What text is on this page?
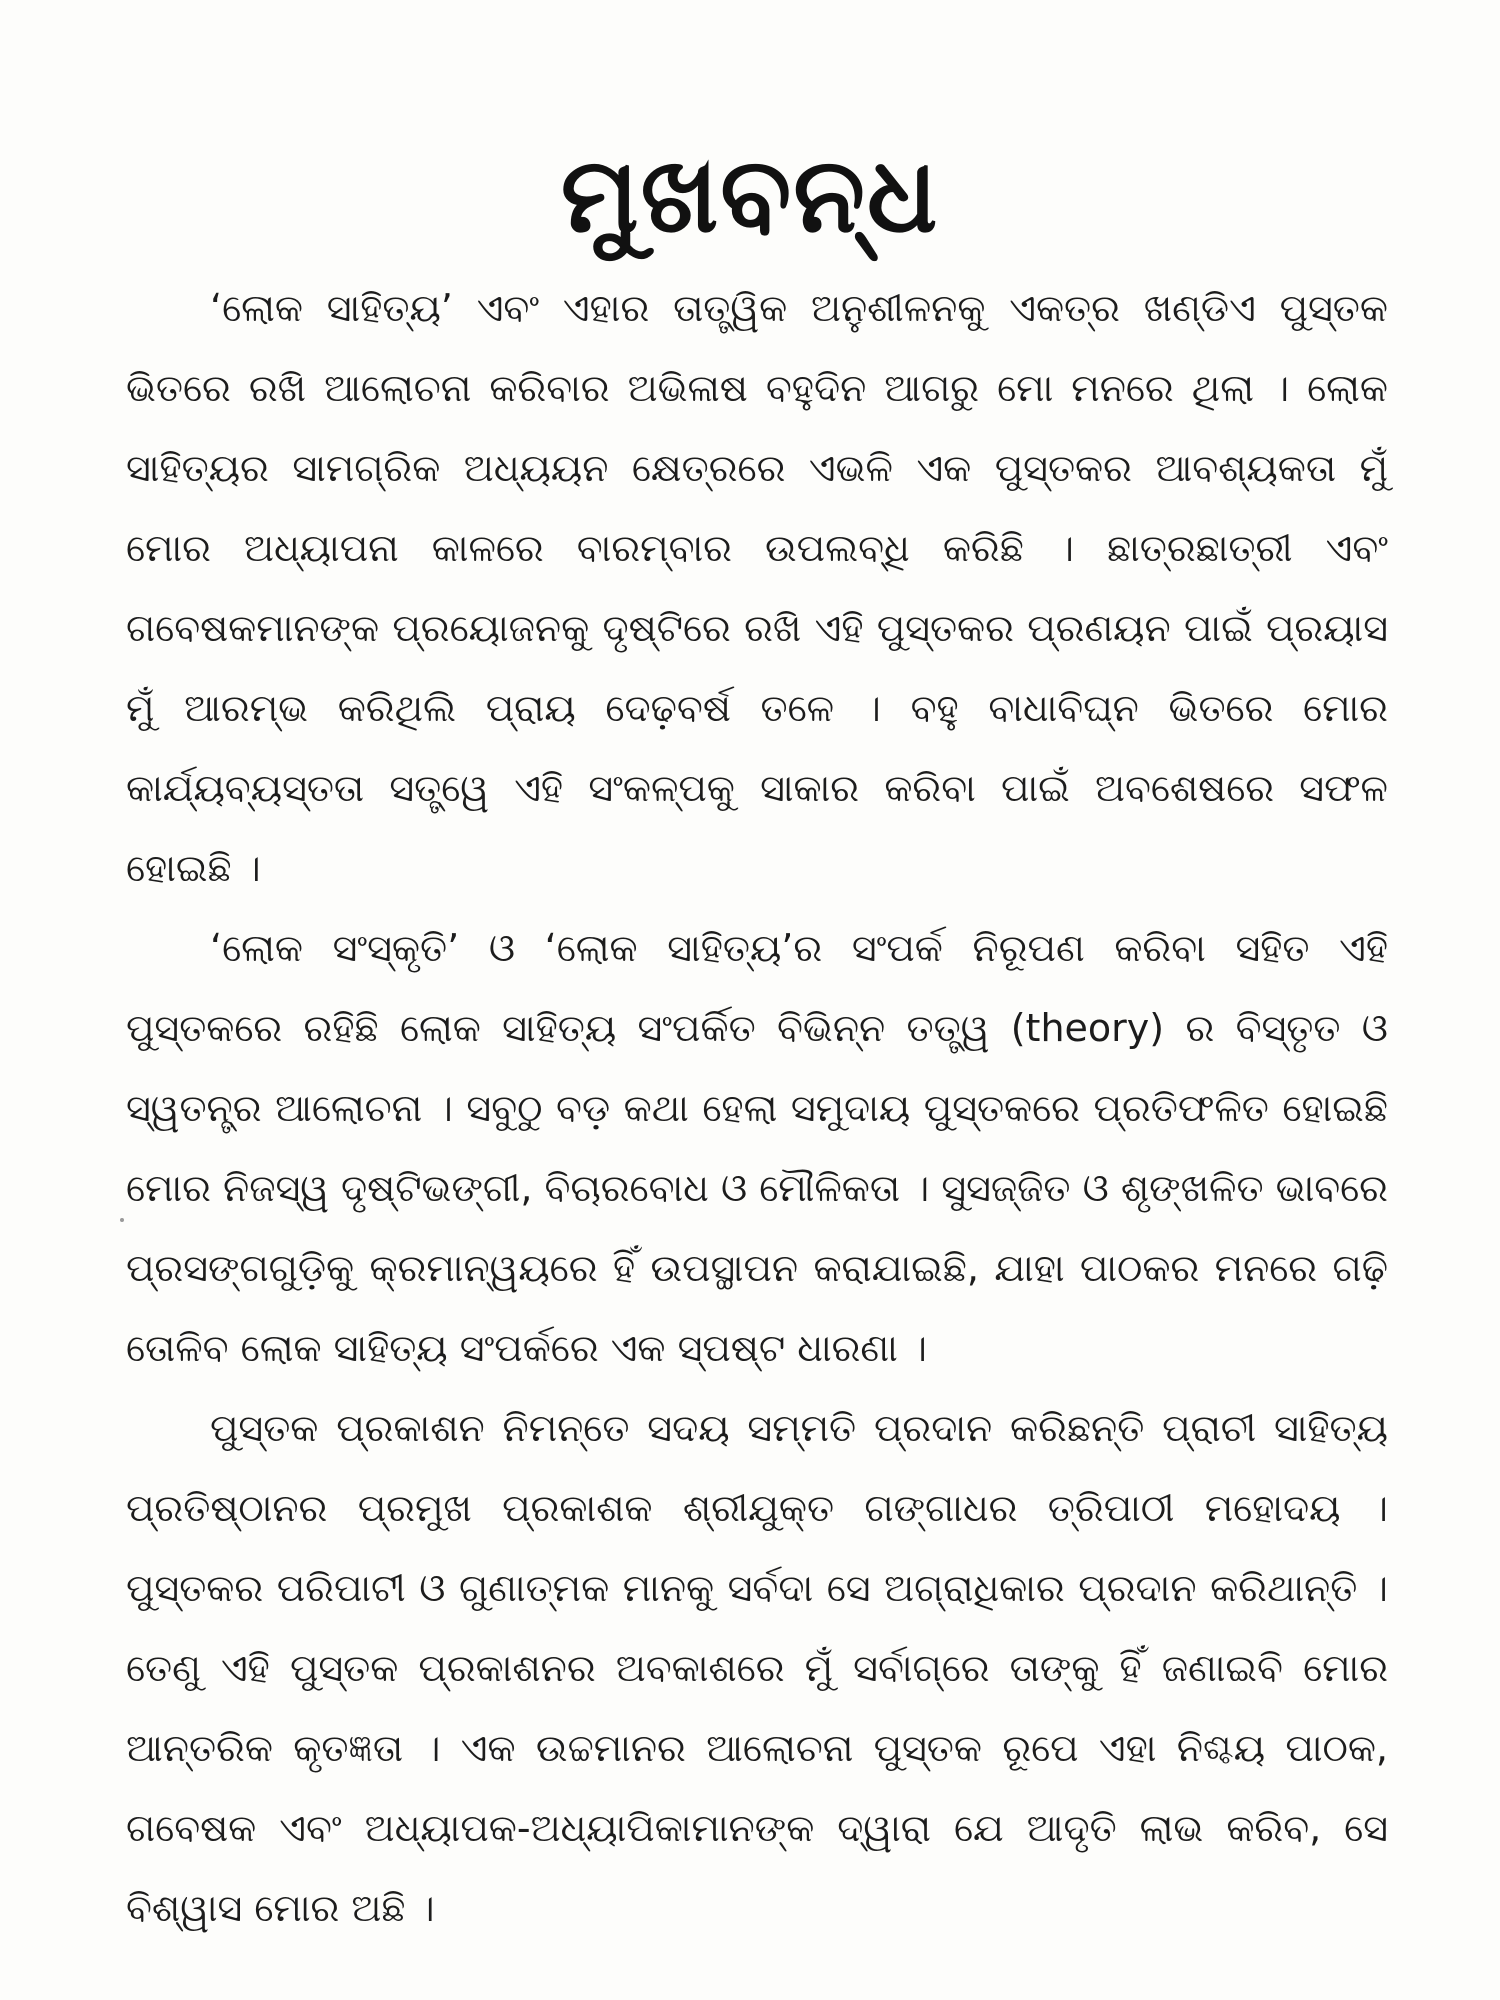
ମୁଖବନ୍ଧ

‘ଲୋକ ସାହିତ୍ୟ’ ଏବଂ ଏହାର ତାତ୍ତ୍ୱିକ ଅନୁଶୀଳନକୁ ଏକତ୍ର ଖଣ୍ଡିଏ ପୁସ୍ତକ ଭିତରେ ରଖି ଆଲୋଚନା କରିବାର ଅଭିଳାଷ ବହୁଦିନ ଆଗରୁ ମୋ ମନରେ ଥିଲା । ଲୋକ ସାହିତ୍ୟର ସାମଗ୍ରିକ ଅଧ୍ୟୟନ କ୍ଷେତ୍ରରେ ଏଭଳି ଏକ ପୁସ୍ତକର ଆବଶ୍ୟକତା ମୁଁ ମୋର ଅଧ୍ୟାପନା କାଳରେ ବାରମ୍ବାର ଉପଲବ୍ଧି କରିଛି । ଛାତ୍ରଛାତ୍ରୀ ଏବଂ ଗବେଷକମାନଙ୍କ ପ୍ରୟୋଜନକୁ ଦୃଷ୍ଟିରେ ରଖି ଏହି ପୁସ୍ତକର ପ୍ରଣୟନ ପାଇଁ ପ୍ରୟାସ ମୁଁ ଆରମ୍ଭ କରିଥିଲି ପ୍ରାୟ ଦେଢ଼ବର୍ଷ ତଳେ । ବହୁ ବାଧାବିଘ୍ନ ଭିତରେ ମୋର କାର୍ଯ୍ୟବ୍ୟସ୍ତତା ସତ୍ତ୍ୱେ ଏହି ସଂକଳ୍ପକୁ ସାକାର କରିବା ପାଇଁ ଅବଶେଷରେ ସଫଳ ହୋଇଛି ।

‘ଲୋକ ସଂସ୍କୃତି’ ଓ ‘ଲୋକ ସାହିତ୍ୟ’ର ସଂପର୍କ ନିରୂପଣ କରିବା ସହିତ ଏହି ପୁସ୍ତକରେ ରହିଛି ଲୋକ ସାହିତ୍ୟ ସଂପର୍କିତ ବିଭିନ୍ନ ତତ୍ତ୍ୱ (theory) ର ବିସ୍ତୃତ ଓ ସ୍ୱତନ୍ତ୍ର ଆଲୋଚନା । ସବୁଠୁ ବଡ଼ କଥା ହେଲା ସମୁଦାୟ ପୁସ୍ତକରେ ପ୍ରତିଫଳିତ ହୋଇଛି ମୋର ନିଜସ୍ୱ ଦୃଷ୍ଟିଭଙ୍ଗୀ, ବିଚାରବୋଧ ଓ ମୌଳିକତା । ସୁସଜ୍ଜିତ ଓ ଶୃଙ୍ଖଳିତ ଭାବରେ ପ୍ରସଙ୍ଗଗୁଡ଼ିକୁ କ୍ରମାନ୍ୱୟରେ ହିଁ ଉପସ୍ଥାପନ କରାଯାଇଛି, ଯାହା ପାଠକର ମନରେ ଗଢ଼ି ତୋଳିବ ଲୋକ ସାହିତ୍ୟ ସଂପର୍କରେ ଏକ ସ୍ପଷ୍ଟ ଧାରଣା ।

ପୁସ୍ତକ ପ୍ରକାଶନ ନିମନ୍ତେ ସଦୟ ସମ୍ମତି ପ୍ରଦାନ କରିଛନ୍ତି ପ୍ରାଚୀ ସାହିତ୍ୟ ପ୍ରତିଷ୍ଠାନର ପ୍ରମୁଖ ପ୍ରକାଶକ ଶ୍ରୀଯୁକ୍ତ ଗଙ୍ଗାଧର ତ୍ରିପାଠୀ ମହୋଦୟ । ପୁସ୍ତକର ପରିପାଟୀ ଓ ଗୁଣାତ୍ମକ ମାନକୁ ସର୍ବଦା ସେ ଅଗ୍ରାଧିକାର ପ୍ରଦାନ କରିଥାନ୍ତି । ତେଣୁ ଏହି ପୁସ୍ତକ ପ୍ରକାଶନର ଅବକାଶରେ ମୁଁ ସର୍ବାଗ୍ରେ ତାଙ୍କୁ ହିଁ ଜଣାଇବି ମୋର ଆନ୍ତରିକ କୃତଜ୍ଞତା । ଏକ ଉଚ୍ଚମାନର ଆଲୋଚନା ପୁସ୍ତକ ରୂପେ ଏହା ନିଶ୍ଚୟ ପାଠକ, ଗବେଷକ ଏବଂ ଅଧ୍ୟାପକ-ଅଧ୍ୟାପିକାମାନଙ୍କ ଦ୍ୱାରା ଯେ ଆଦୃତି ଲାଭ କରିବ, ସେ ବିଶ୍ୱାସ ମୋର ଅଛି ।
